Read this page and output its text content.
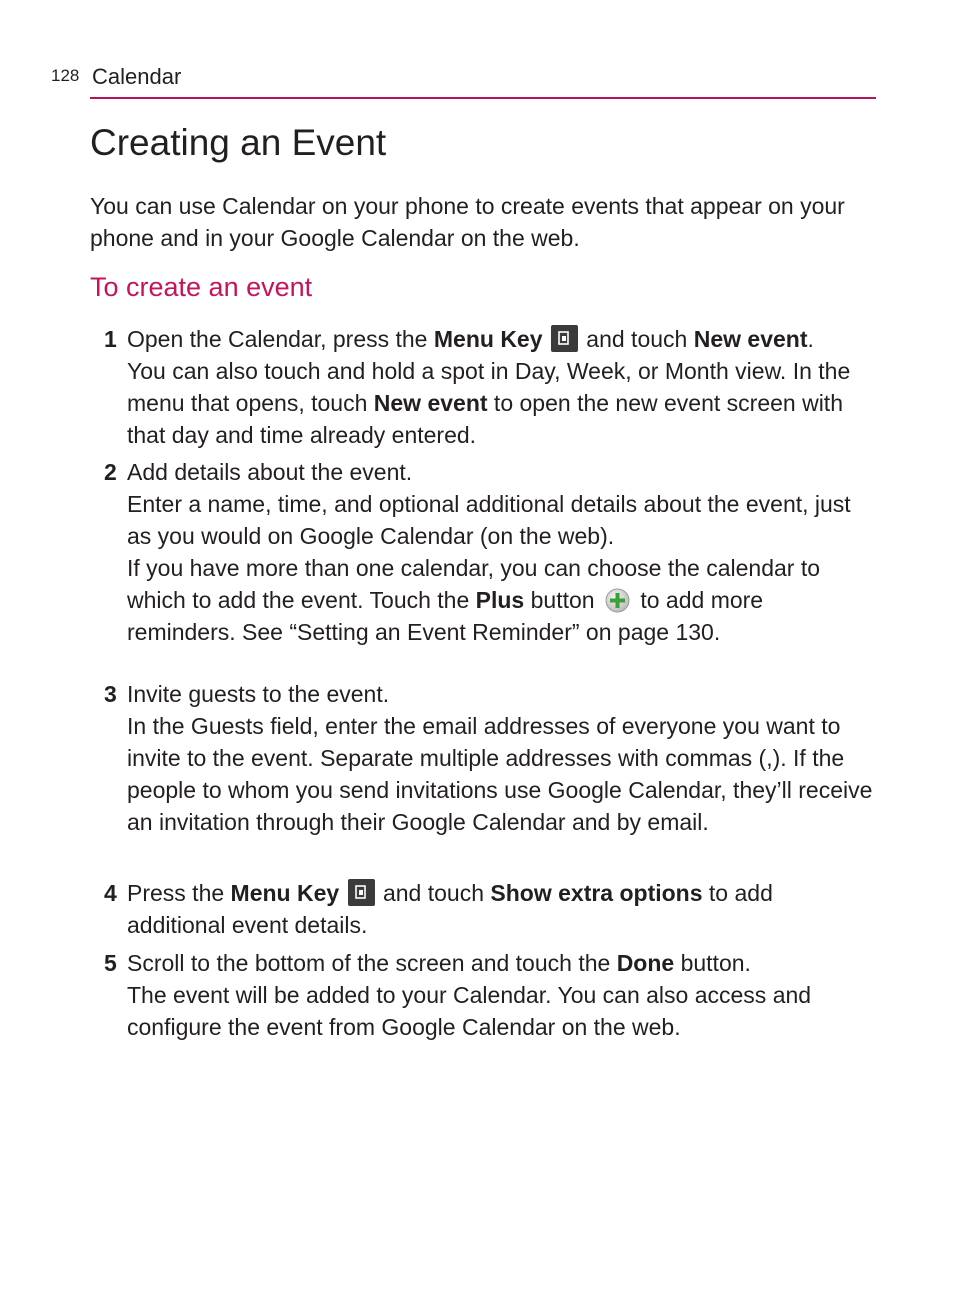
128 Calendar
Creating an Event

You can use Calendar on your phone to create events that appear on your phone and in your Google Calendar on the web.

To create an event
1 Open the Calendar, press the Menu Key
and touch New event.

You can also touch and hold a spot in Day, Week, or Month view. In the menu that opens, touch New event to open the new event screen with that day and time already entered.

2 Add details about the event.

Enter a name, time, and optional additional details about the event, just as you would on Google Calendar (on the web).

If you have more than one calendar, you can choose the calendar to which to add the event. Touch the Plus button  to add more reminders. See “Setting an Event Reminder” on page 130.

3 Invite guests to the event.

In the Guests field, enter the email addresses of everyone you want to invite to the event. Separate multiple addresses with commas (,). If the people to whom you send invitations use Google Calendar, they’ll receive an invitation through their Google Calendar and by email.

4 Press the Menu Key
and touch Show extra options to add additional event details.

5 Scroll to the bottom of the screen and touch the Done button.

The event will be added to your Calendar. You can also access and configure the event from Google Calendar on the web.
